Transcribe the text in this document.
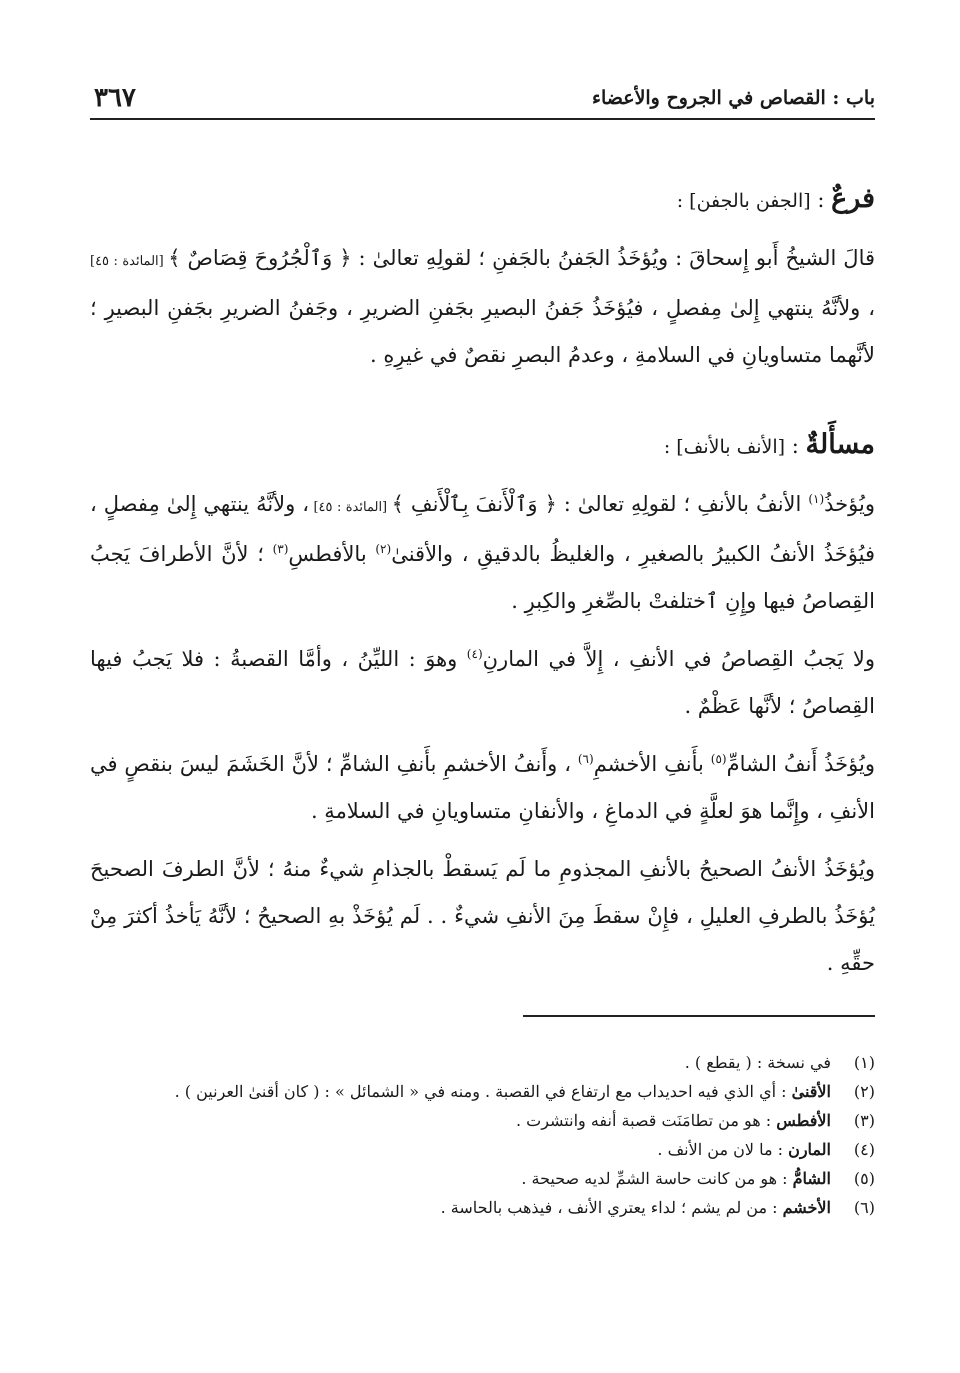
باب : القصاص في الجروح والأعضاء
٣٦٧

فرعٌ : [الجفن بالجفن] :

قالَ الشيخُ أَبو إِسحاقَ : ويُؤخَذُ الجَفنُ بالجَفنِ ؛ لقولِهِ تعالىٰ : ﴿ وَٱلْجُرُوحَ قِصَاصٌ ﴾ [المائدة : ٤٥] ، ولأنَّهُ ينتهي إِلىٰ مِفصلٍ ، فيُؤخَذُ جَفنُ البصيرِ بجَفنِ الضريرِ ، وجَفنُ الضريرِ بجَفنِ البصيرِ ؛ لأنَّهما متساويانِ في السلامةِ ، وعدمُ البصرِ نقصٌ في غيرِهِ .

مسأَلةٌ : [الأنف بالأنف] :

ويُؤخذُ$^{(١)}$ الأنفُ بالأنفِ ؛ لقولِهِ تعالىٰ : ﴿ وَٱلْأَنفَ بِٱلْأَنفِ ﴾ [المائدة : ٤٥] ، ولأنَّهُ ينتهي إِلىٰ مِفصلٍ ، فيُؤخَذُ الأنفُ الكبيرُ بالصغيرِ ، والغليظُ بالدقيقِ ، والأقنىٰ$^{(٢)}$ بالأفطسِ$^{(٣)}$ ؛ لأنَّ الأطرافَ يَجبُ القِصاصُ فيها وإِنِ ٱختلفتْ بالصِّغرِ والكِبرِ .

ولا يَجبُ القِصاصُ في الأنفِ ، إِلاَّ في المارنِ$^{(٤)}$ وهوَ : الليِّنُ ، وأمَّا القصبةُ : فلا يَجبُ فيها القِصاصُ ؛ لأنَّها عَظْمٌ .

ويُؤخَذُ أَنفُ الشامِّ$^{(٥)}$ بأَنفِ الأخشمِ$^{(٦)}$ ، وأَنفُ الأخشمِ بأَنفِ الشامِّ ؛ لأنَّ الخَشَمَ ليسَ بنقصٍ في الأنفِ ، وإِنَّما هوَ لعلَّةٍ في الدماغِ ، والأنفانِ متساويانِ في السلامةِ .

ويُؤخَذُ الأنفُ الصحيحُ بالأنفِ المجذومِ ما لَم يَسقطْ بالجذامِ شيءٌ منهُ ؛ لأنَّ الطرفَ الصحيحَ يُؤخَذُ بالطرفِ العليلِ ، فإِنْ سقطَ مِنَ الأنفِ شيءٌ . . لَم يُؤخَذْ بهِ الصحيحُ ؛ لأنَّهُ يَأخذُ أكثرَ مِنْ حقِّهِ .

(١)
في نسخة : ( يقطع ) .
(٢)
الأقنىٰ : أي الذي فيه احديداب مع ارتفاع في القصبة . ومنه في « الشمائل » : ( كان أقنىٰ العرنين ) .
(٣)
الأفطس : هو من تطامَنَت قصبة أنفه وانتشرت .
(٤)
المارن : ما لان من الأنف .
(٥)
الشامُّ : هو من كانت حاسة الشمِّ لديه صحيحة .
(٦)
الأخشم : من لم يشم ؛ لداء يعتري الأنف ، فيذهب بالحاسة .
